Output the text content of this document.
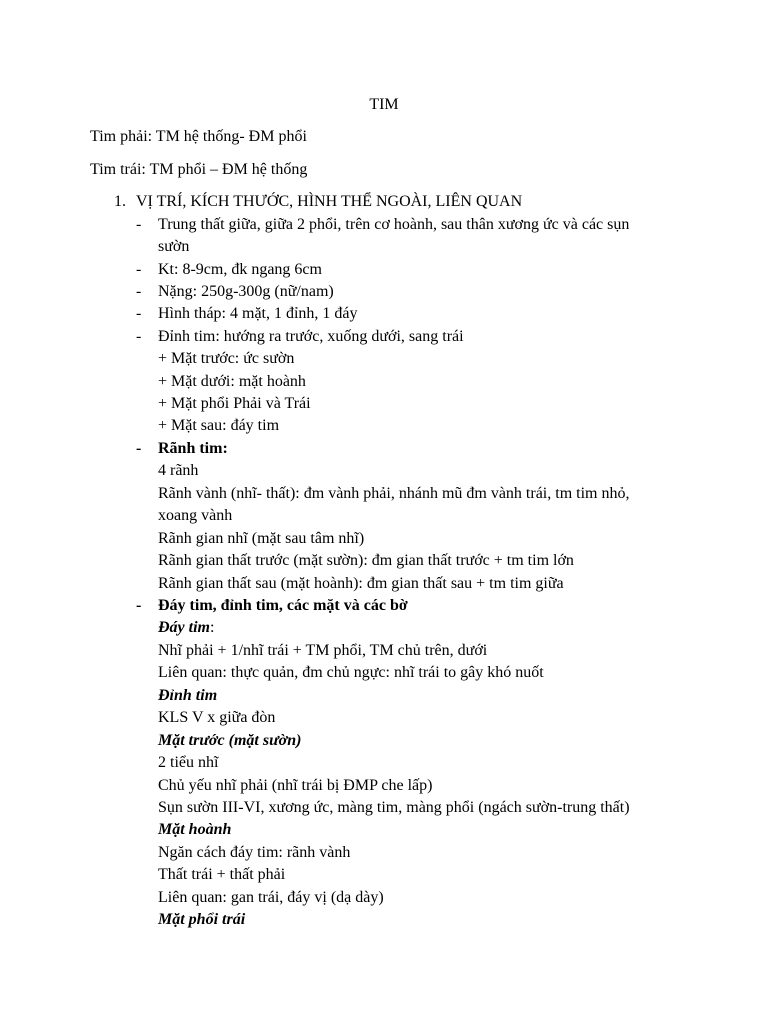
TIM
Tim phải: TM hệ thống- ĐM phổi
Tim trái: TM phổi – ĐM hệ thống
1. VỊ TRÍ, KÍCH THƯỚC, HÌNH THỂ NGOÀI, LIÊN QUAN
- Trung thất giữa, giữa 2 phổi, trên cơ hoành, sau thân xương ức và các sụn
sườn
- Kt: 8-9cm, đk ngang 6cm
- Nặng: 250g-300g (nữ/nam)
- Hình tháp: 4 mặt, 1 đỉnh, 1 đáy
- Đỉnh tim: hướng ra trước, xuống dưới, sang trái
+ Mặt trước: ức sườn
+ Mặt dưới: mặt hoành
+ Mặt phổi Phải và Trái
+ Mặt sau: đáy tim
- Rãnh tim:
4 rãnh
Rãnh vành (nhĩ- thất): đm vành phải, nhánh mũ đm vành trái, tm tim nhỏ,
xoang vành
Rãnh gian nhĩ (mặt sau tâm nhĩ)
Rãnh gian thất trước (mặt sườn): đm gian thất trước + tm tim lớn
Rãnh gian thất sau (mặt hoành): đm gian thất sau + tm tim giữa
- Đáy tim, đỉnh tim, các mặt và các bờ
Đáy tim:
Nhĩ phải + 1/nhĩ trái + TM phổi, TM chủ trên, dưới
Liên quan: thực quản, đm chủ ngực: nhĩ trái to gây khó nuốt
Đỉnh tim
KLS V x giữa đòn
Mặt trước (mặt sườn)
2 tiểu nhĩ
Chủ yếu nhĩ phải (nhĩ trái bị ĐMP che lấp)
Sụn sườn III-VI, xương ức, màng tim, màng phổi (ngách sườn-trung thất)
Mặt hoành
Ngăn cách đáy tim: rãnh vành
Thất trái + thất phải
Liên quan: gan trái, đáy vị (dạ dày)
Mặt phổi trái
